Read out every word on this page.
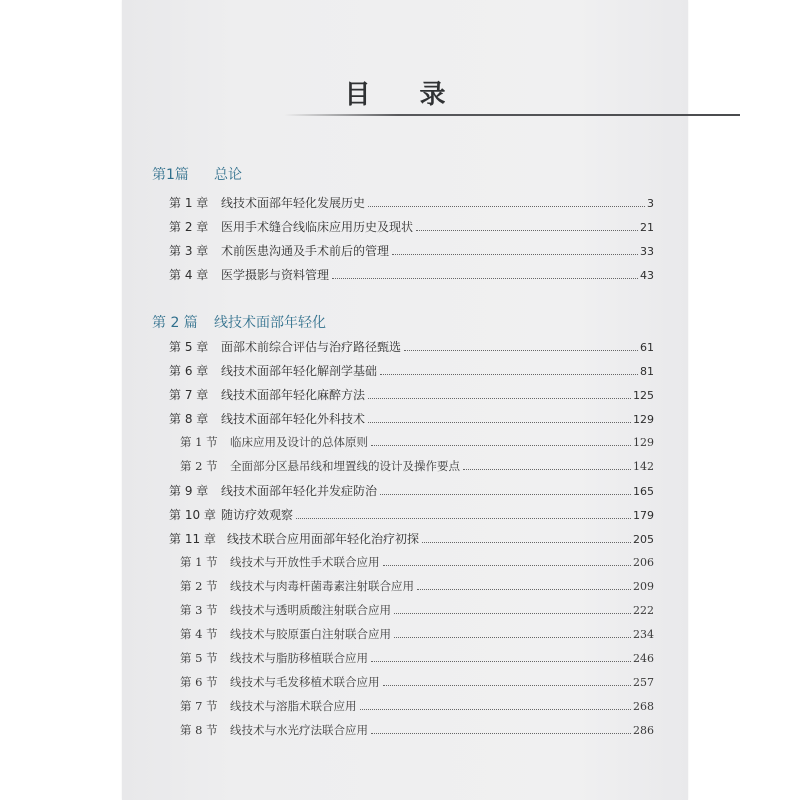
目 录
第1篇	总论
第 1 章	线技术面部年轻化发展历史	3
第 2 章	医用手术缝合线临床应用历史及现状	21
第 3 章	术前医患沟通及手术前后的管理	33
第 4 章	医学摄影与资料管理	43
第 2 篇	线技术面部年轻化
第 5 章	面部术前综合评估与治疗路径甄选	61
第 6 章	线技术面部年轻化解剖学基础	81
第 7 章	线技术面部年轻化麻醉方法	125
第 8 章	线技术面部年轻化外科技术	129
第 1 节	临床应用及设计的总体原则	129
第 2 节	全面部分区悬吊线和埋置线的设计及操作要点	142
第 9 章	线技术面部年轻化并发症防治	165
第 10 章 随访疗效观察	179
第 11 章 线技术联合应用面部年轻化治疗初探	205
第 1 节	线技术与开放性手术联合应用	206
第 2 节	线技术与肉毒杆菌毒素注射联合应用	209
第 3 节	线技术与透明质酸注射联合应用	222
第 4 节	线技术与胶原蛋白注射联合应用	234
第 5 节	线技术与脂肪移植联合应用	246
第 6 节	线技术与毛发移植术联合应用	257
第 7 节	线技术与溶脂术联合应用	268
第 8 节	线技术与水光疗法联合应用	286
